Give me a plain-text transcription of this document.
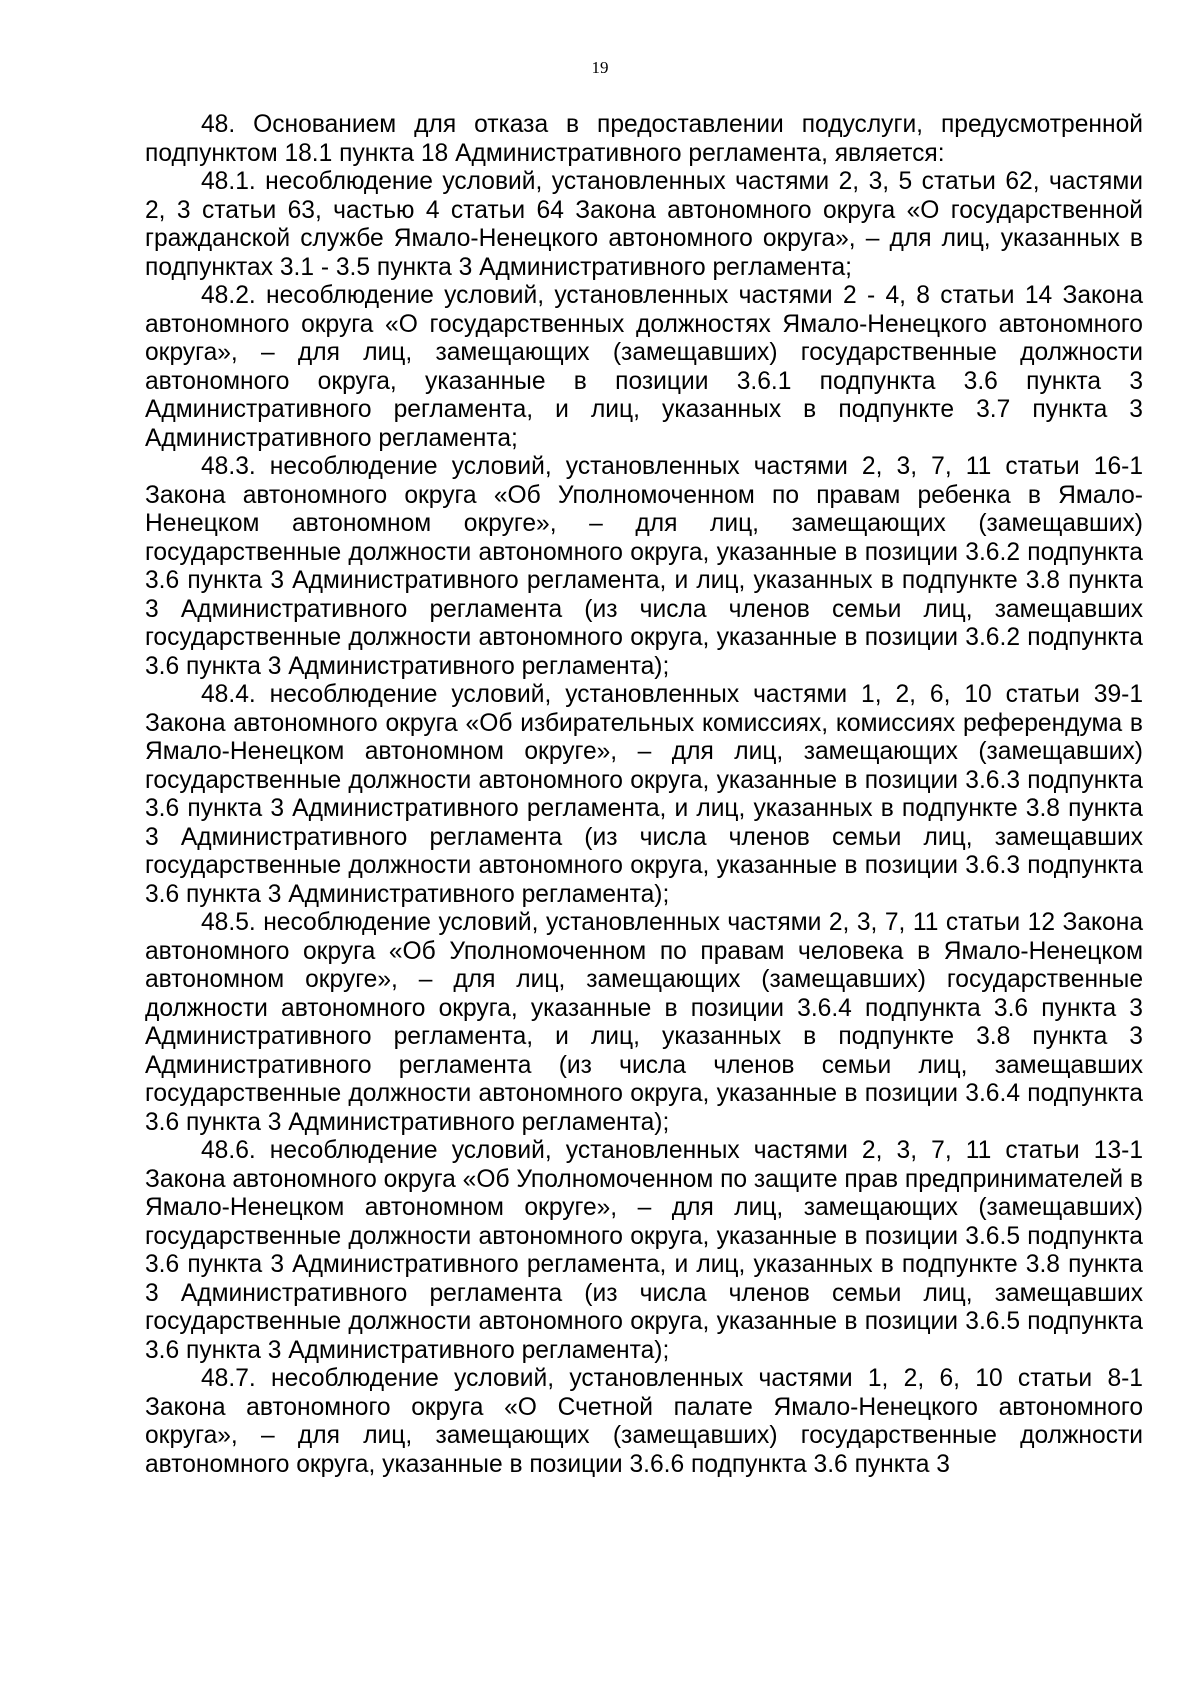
19

48. Основанием для отказа в предоставлении подуслуги, предусмотренной подпунктом 18.1 пункта 18 Административного регламента, является:

48.1. несоблюдение условий, установленных частями 2, 3, 5 статьи 62, частями 2, 3 статьи 63, частью 4 статьи 64 Закона автономного округа «О государственной гражданской службе Ямало-Ненецкого автономного округа», – для лиц, указанных в подпунктах 3.1 - 3.5 пункта 3 Административного регламента;

48.2. несоблюдение условий, установленных частями 2 - 4, 8 статьи 14 Закона автономного округа «О государственных должностях Ямало-Ненецкого автономного округа», – для лиц, замещающих (замещавших) государственные должности автономного округа, указанные в позиции 3.6.1 подпункта 3.6 пункта 3 Административного регламента, и лиц, указанных в подпункте 3.7 пункта 3 Административного регламента;

48.3. несоблюдение условий, установленных частями 2, 3, 7, 11 статьи 16-1 Закона автономного округа «Об Уполномоченном по правам ребенка в Ямало-Ненецком автономном округе», – для лиц, замещающих (замещавших) государственные должности автономного округа, указанные в позиции 3.6.2 подпункта 3.6 пункта 3 Административного регламента, и лиц, указанных в подпункте 3.8 пункта 3 Административного регламента (из числа членов семьи лиц, замещавших государственные должности автономного округа, указанные в позиции 3.6.2 подпункта 3.6 пункта 3 Административного регламента);

48.4. несоблюдение условий, установленных частями 1, 2, 6, 10 статьи 39-1 Закона автономного округа «Об избирательных комиссиях, комиссиях референдума в Ямало-Ненецком автономном округе», – для лиц, замещающих (замещавших) государственные должности автономного округа, указанные в позиции 3.6.3 подпункта 3.6 пункта 3 Административного регламента, и лиц, указанных в подпункте 3.8 пункта 3 Административного регламента (из числа членов семьи лиц, замещавших государственные должности автономного округа, указанные в позиции 3.6.3 подпункта 3.6 пункта 3 Административного регламента);

48.5. несоблюдение условий, установленных частями 2, 3, 7, 11 статьи 12 Закона автономного округа «Об Уполномоченном по правам человека в Ямало-Ненецком автономном округе», – для лиц, замещающих (замещавших) государственные должности автономного округа, указанные в позиции 3.6.4 подпункта 3.6 пункта 3 Административного регламента, и лиц, указанных в подпункте 3.8 пункта 3 Административного регламента (из числа членов семьи лиц, замещавших государственные должности автономного округа, указанные в позиции 3.6.4 подпункта 3.6 пункта 3 Административного регламента);

48.6. несоблюдение условий, установленных частями 2, 3, 7, 11 статьи 13-1 Закона автономного округа «Об Уполномоченном по защите прав предпринимателей в Ямало-Ненецком автономном округе», – для лиц, замещающих (замещавших) государственные должности автономного округа, указанные в позиции 3.6.5 подпункта 3.6 пункта 3 Административного регламента, и лиц, указанных в подпункте 3.8 пункта 3 Административного регламента (из числа членов семьи лиц, замещавших государственные должности автономного округа, указанные в позиции 3.6.5 подпункта 3.6 пункта 3 Административного регламента);

48.7. несоблюдение условий, установленных частями 1, 2, 6, 10 статьи 8-1 Закона автономного округа «О Счетной палате Ямало-Ненецкого автономного округа», – для лиц, замещающих (замещавших) государственные должности автономного округа, указанные в позиции 3.6.6 подпункта 3.6 пункта 3
